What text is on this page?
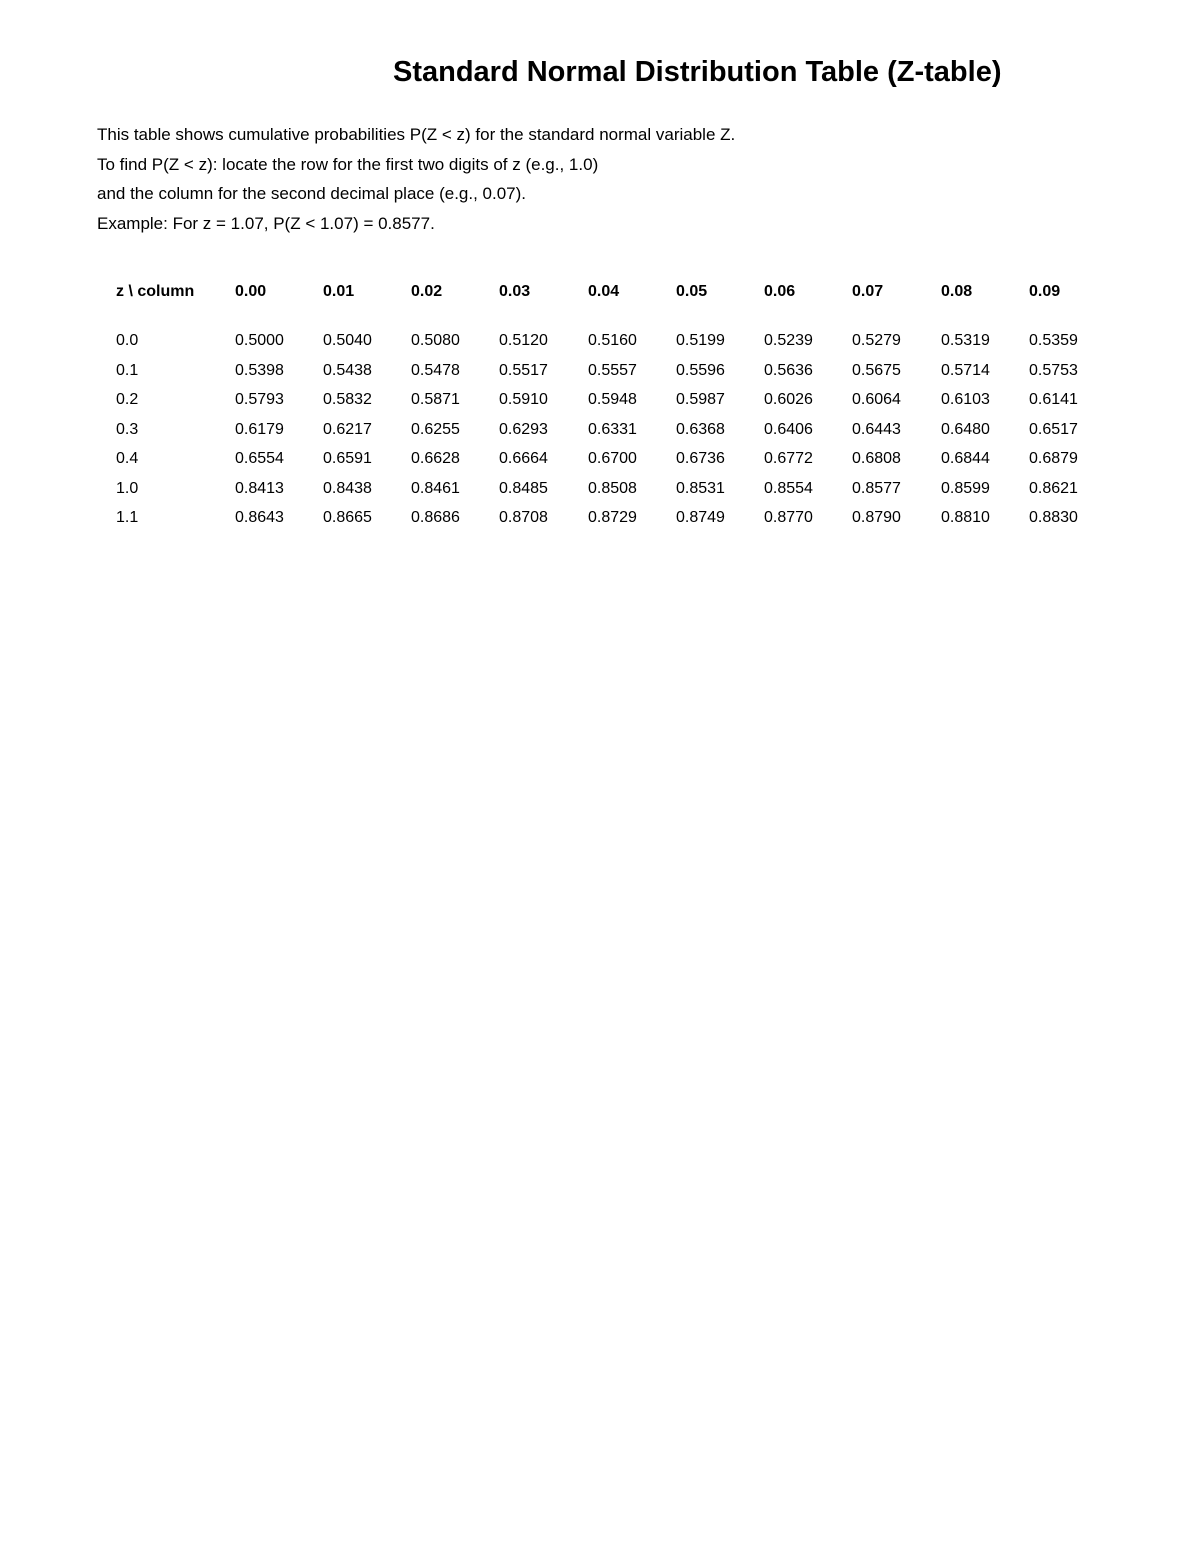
Standard Normal Distribution Table (Z-table)

This table shows cumulative probabilities P(Z < z) for the standard normal variable Z.

To find P(Z < z): locate the row for the first two digits of z (e.g., 1.0)

and the column for the second decimal place (e.g., 0.07).

Example: For z = 1.07, P(Z < 1.07) = 0.8577.

z \ column	0.00	0.01	0.02	0.03	0.04	0.05	0.06	0.07	0.08	0.09
0.0	0.5000 0.5040 0.5080 0.5120	0.5160 0.5199 0.5239 0.5279	0.5319 0.5359
0.1	0.5398 0.5438 0.5478 0.5517	0.5557 0.5596 0.5636 0.5675	0.5714 0.5753
0.2	0.5793 0.5832 0.5871 0.5910	0.5948 0.5987 0.6026 0.6064	0.6103 0.6141
0.3	0.6179 0.6217 0.6255 0.6293	0.6331 0.6368 0.6406 0.6443	0.6480 0.6517
0.4	0.6554 0.6591 0.6628 0.6664	0.6700 0.6736 0.6772 0.6808	0.6844 0.6879
1.0	0.8413 0.8438 0.8461 0.8485	0.8508 0.8531 0.8554 0.8577	0.8599 0.8621
1.1	0.8643 0.8665 0.8686 0.8708	0.8729 0.8749 0.8770 0.8790	0.8810 0.8830
